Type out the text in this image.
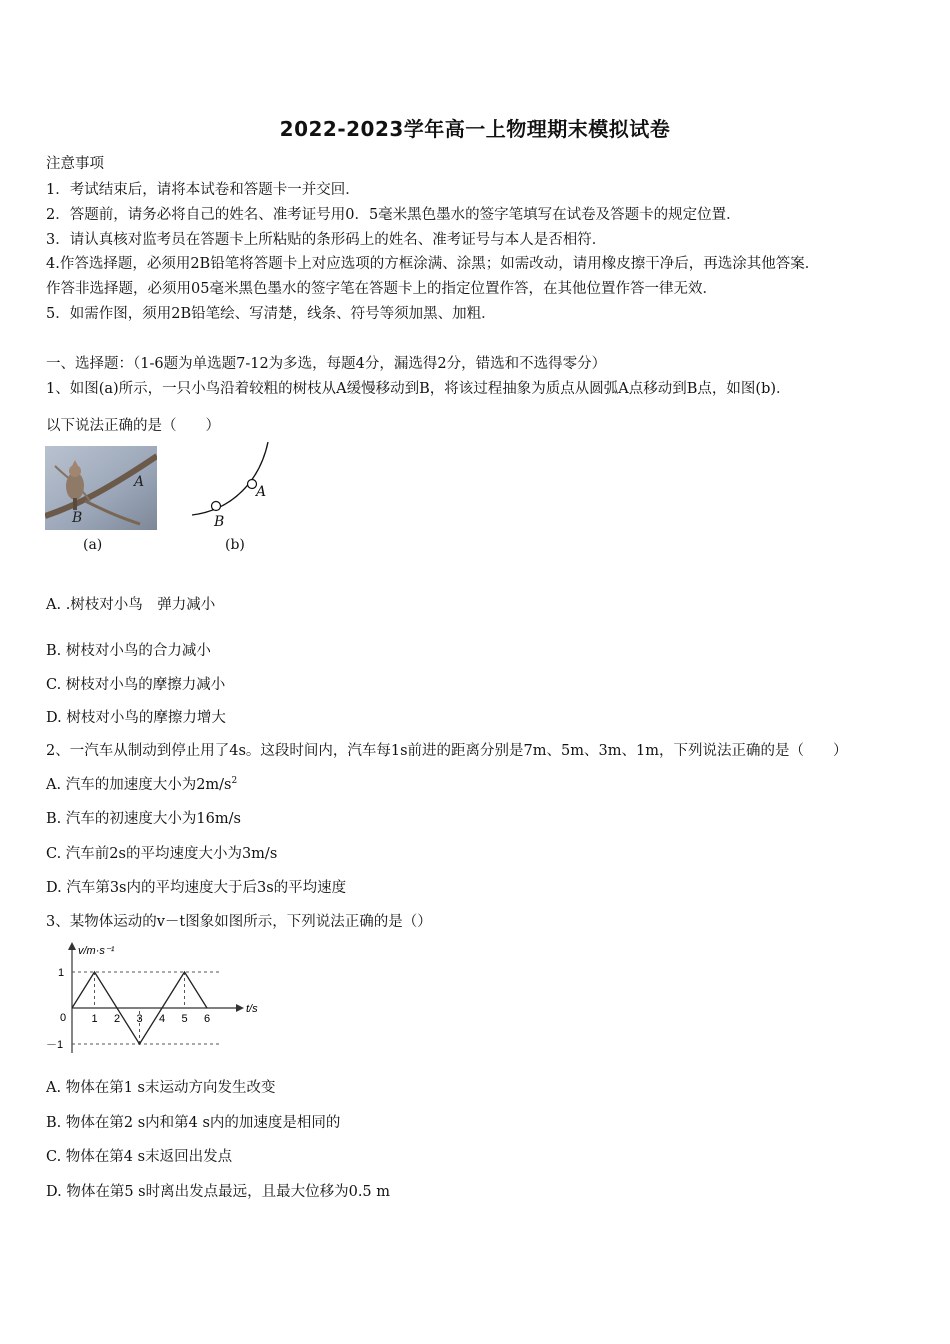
2022-2023学年高一上物理期末模拟试卷
注意事项
1．考试结束后，请将本试卷和答题卡一并交回．
2．答题前，请务必将自己的姓名、准考证号用0．5毫米黑色墨水的签字笔填写在试卷及答题卡的规定位置．
3．请认真核对监考员在答题卡上所粘贴的条形码上的姓名、准考证号与本人是否相符．
4.作答选择题，必须用2B铅笔将答题卡上对应选项的方框涂满、涂黑；如需改动，请用橡皮擦干净后，再选涂其他答案．
作答非选择题，必须用05毫米黑色墨水的签字笔在答题卡上的指定位置作答，在其他位置作答一律无效．
5．如需作图，须用2B铅笔绘、写清楚，线条、符号等须加黑、加粗．
一、选择题：（1-6题为单选题7-12为多选，每题4分，漏选得2分，错选和不选得零分）
1、如图(a)所示，一只小鸟沿着较粗的树枝从A缓慢移动到B，将该过程抽象为质点从圆弧A点移动到B点，如图(b)．
以下说法正确的是（　　）
A
B
(a)
A
B
(b)
A. .树枝对小鸟　弹力减小
B. 树枝对小鸟的合力减小
C. 树枝对小鸟的摩擦力减小
D. 树枝对小鸟的摩擦力增大
2、一汽车从制动到停止用了4s。这段时间内，汽车每1s前进的距离分别是7m、5m、3m、1m，下列说法正确的是（　　）
A. 汽车的加速度大小为$2m/s^2$
B. 汽车的初速度大小为16m/s
C. 汽车前2s的平均速度大小为3m/s
D. 汽车第3s内的平均速度大于后3s的平均速度
3、某物体运动的v－t图象如图所示，下列说法正确的是（）
v/m·s⁻¹
t/s
0 1 2 3 4 5 6
1
－1
A. 物体在第1 s末运动方向发生改变
B. 物体在第2 s内和第4 s内的加速度是相同的
C. 物体在第4 s末返回出发点
D. 物体在第5 s时离出发点最远，且最大位移为0.5 m
